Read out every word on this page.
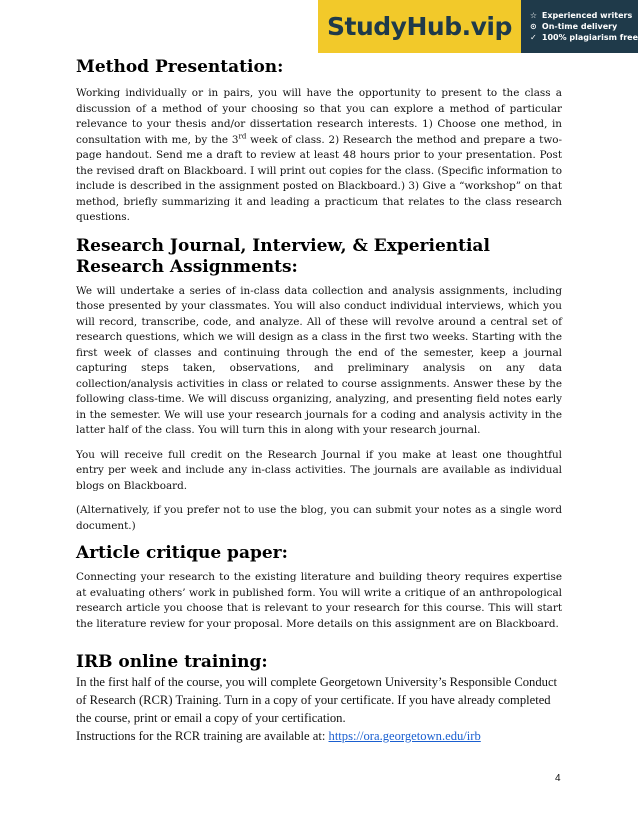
StudyHub.vip	☆ Experienced writers
⊙ On-time delivery
✓ 100% plagiarism free
Method Presentation:

Working individually or in pairs, you will have the opportunity to present to the class a discussion of a method of your choosing so that you can explore a method of particular relevance to your thesis and/or dissertation research interests. 1) Choose one method, in consultation with me, by the 3rd week of class. 2) Research the method and prepare a two-page handout. Send me a draft to review at least 48 hours prior to your presentation. Post the revised draft on Blackboard. I will print out copies for the class. (Specific information to include is described in the assignment posted on Blackboard.) 3) Give a “workshop” on that method, briefly summarizing it and leading a practicum that relates to the class research questions.

Research Journal, Interview, & Experiential Research Assignments:

We will undertake a series of in-class data collection and analysis assignments, including those presented by your classmates. You will also conduct individual interviews, which you will record, transcribe, code, and analyze. All of these will revolve around a central set of research questions, which we will design as a class in the first two weeks. Starting with the first week of classes and continuing through the end of the semester, keep a journal capturing steps taken, observations, and preliminary analysis on any data collection/analysis activities in class or related to course assignments. Answer these by the following class-time. We will discuss organizing, analyzing, and presenting field notes early in the semester. We will use your research journals for a coding and analysis activity in the latter half of the class. You will turn this in along with your research journal.

You will receive full credit on the Research Journal if you make at least one thoughtful entry per week and include any in-class activities. The journals are available as individual blogs on Blackboard.

(Alternatively, if you prefer not to use the blog, you can submit your notes as a single word document.)

Article critique paper:

Connecting your research to the existing literature and building theory requires expertise at evaluating others’ work in published form. You will write a critique of an anthropological research article you choose that is relevant to your research for this course. This will start the literature review for your proposal. More details on this assignment are on Blackboard.

IRB online training:

In the first half of the course, you will complete Georgetown University’s Responsible Conduct of Research (RCR) Training. Turn in a copy of your certificate. If you have already completed the course, print or email a copy of your certification.

Instructions for the RCR training are available at: https://ora.georgetown.edu/irb

4
